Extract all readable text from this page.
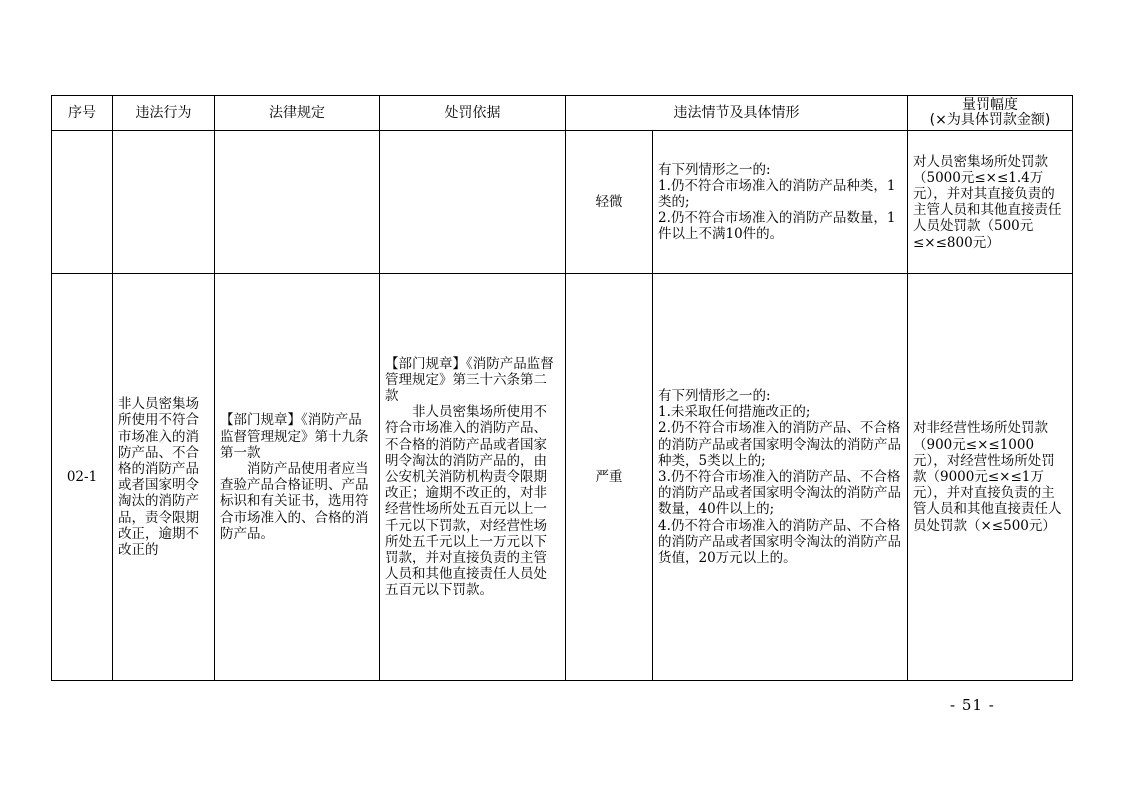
序号	违法行为	法律规定	处罚依据	违法情节及具体情形		量罚幅度
(×为具体罚款金额)

				轻微	有下列情形之一的:
1.仍不符合市场准入的消防产品种类，1类的;
2.仍不符合市场准入的消防产品数量，1件以上不满10件的。	对人员密集场所处罚款（5000元≤×≤1.4万元），并对其直接负责的主管人员和其他直接责任人员处罚款（500元≤×≤800元）
02-1	非人员密集场所使用不符合市场准入的消防产品、不合格的消防产品或者国家明令淘汰的消防产品，责令限期改正，逾期不改正的	【部门规章】《消防产品监督管理规定》第十九条第一款
消防产品使用者应当查验产品合格证明、产品标识和有关证书，选用符合市场准入的、合格的消防产品。	【部门规章】《消防产品监督管理规定》第三十六条第二款
非人员密集场所使用不符合市场准入的消防产品、不合格的消防产品或者国家明令淘汰的消防产品的，由公安机关消防机构责令限期改正；逾期不改正的，对非经营性场所处五百元以上一千元以下罚款，对经营性场所处五千元以上一万元以下罚款，并对直接负责的主管人员和其他直接责任人员处五百元以下罚款。	严重	有下列情形之一的:
1.未采取任何措施改正的;
2.仍不符合市场准入的消防产品、不合格的消防产品或者国家明令淘汰的消防产品种类，5类以上的;
3.仍不符合市场准入的消防产品、不合格的消防产品或者国家明令淘汰的消防产品数量，40件以上的;
4.仍不符合市场准入的消防产品、不合格的消防产品或者国家明令淘汰的消防产品货值，20万元以上的。	对非经营性场所处罚款（900元≤×≤1000元），对经营性场所处罚款（9000元≤×≤1万元），并对直接负责的主管人员和其他直接责任人员处罚款（×≤500元）
- 51 -
